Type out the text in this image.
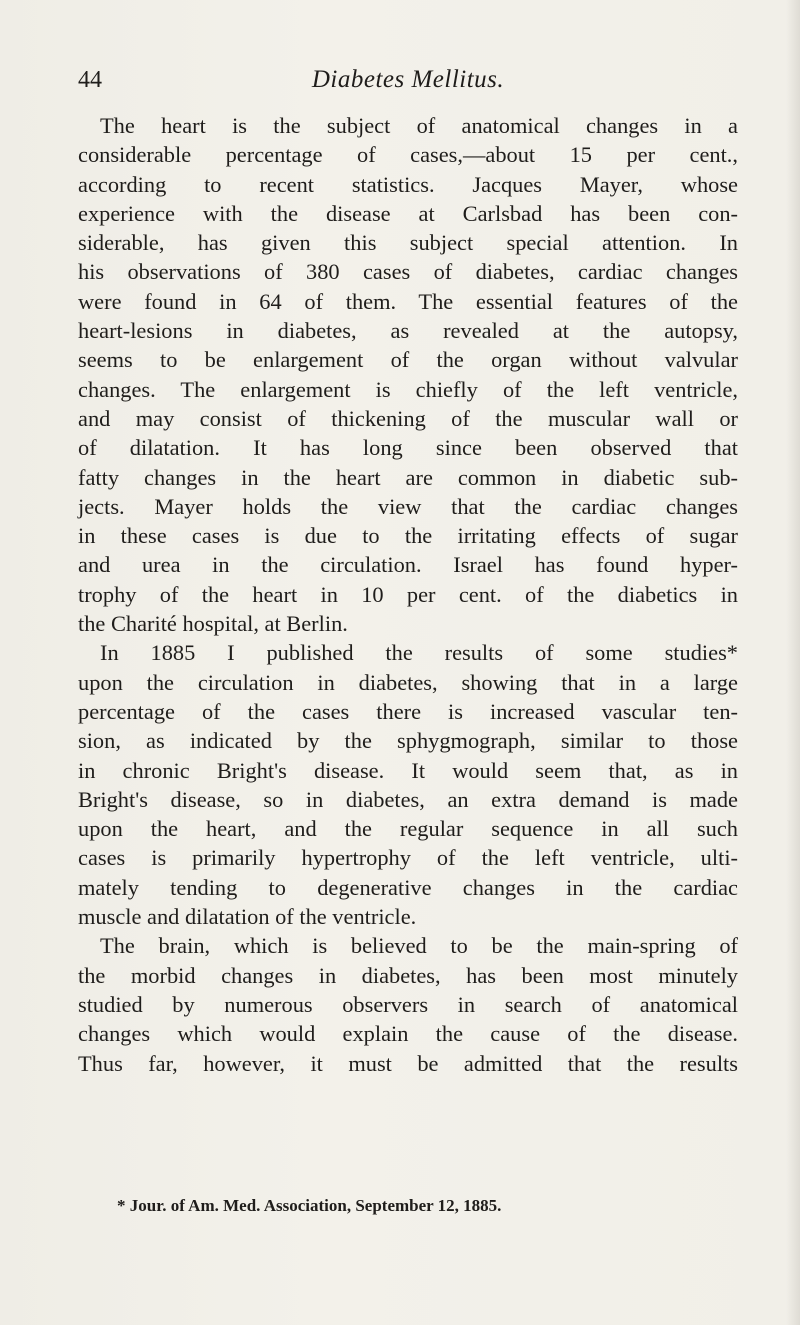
44	Diabetes Mellitus.
The heart is the subject of anatomical changes in a
considerable percentage of cases,—about 15 per cent.,
according to recent statistics. Jacques Mayer, whose
experience with the disease at Carlsbad has been con-
siderable, has given this subject special attention. In
his observations of 380 cases of diabetes, cardiac changes
were found in 64 of them. The essential features of the
heart-lesions in diabetes, as revealed at the autopsy,
seems to be enlargement of the organ without valvular
changes. The enlargement is chiefly of the left ventricle,
and may consist of thickening of the muscular wall or
of dilatation. It has long since been observed that
fatty changes in the heart are common in diabetic sub-
jects. Mayer holds the view that the cardiac changes
in these cases is due to the irritating effects of sugar
and urea in the circulation. Israel has found hyper-
trophy of the heart in 10 per cent. of the diabetics in
the Charité hospital, at Berlin.
In 1885 I published the results of some studies*
upon the circulation in diabetes, showing that in a large
percentage of the cases there is increased vascular ten-
sion, as indicated by the sphygmograph, similar to those
in chronic Bright's disease. It would seem that, as in
Bright's disease, so in diabetes, an extra demand is made
upon the heart, and the regular sequence in all such
cases is primarily hypertrophy of the left ventricle, ulti-
mately tending to degenerative changes in the cardiac
muscle and dilatation of the ventricle.
The brain, which is believed to be the main-spring of
the morbid changes in diabetes, has been most minutely
studied by numerous observers in search of anatomical
changes which would explain the cause of the disease.
Thus far, however, it must be admitted that the results
* Jour. of Am. Med. Association, September 12, 1885.
